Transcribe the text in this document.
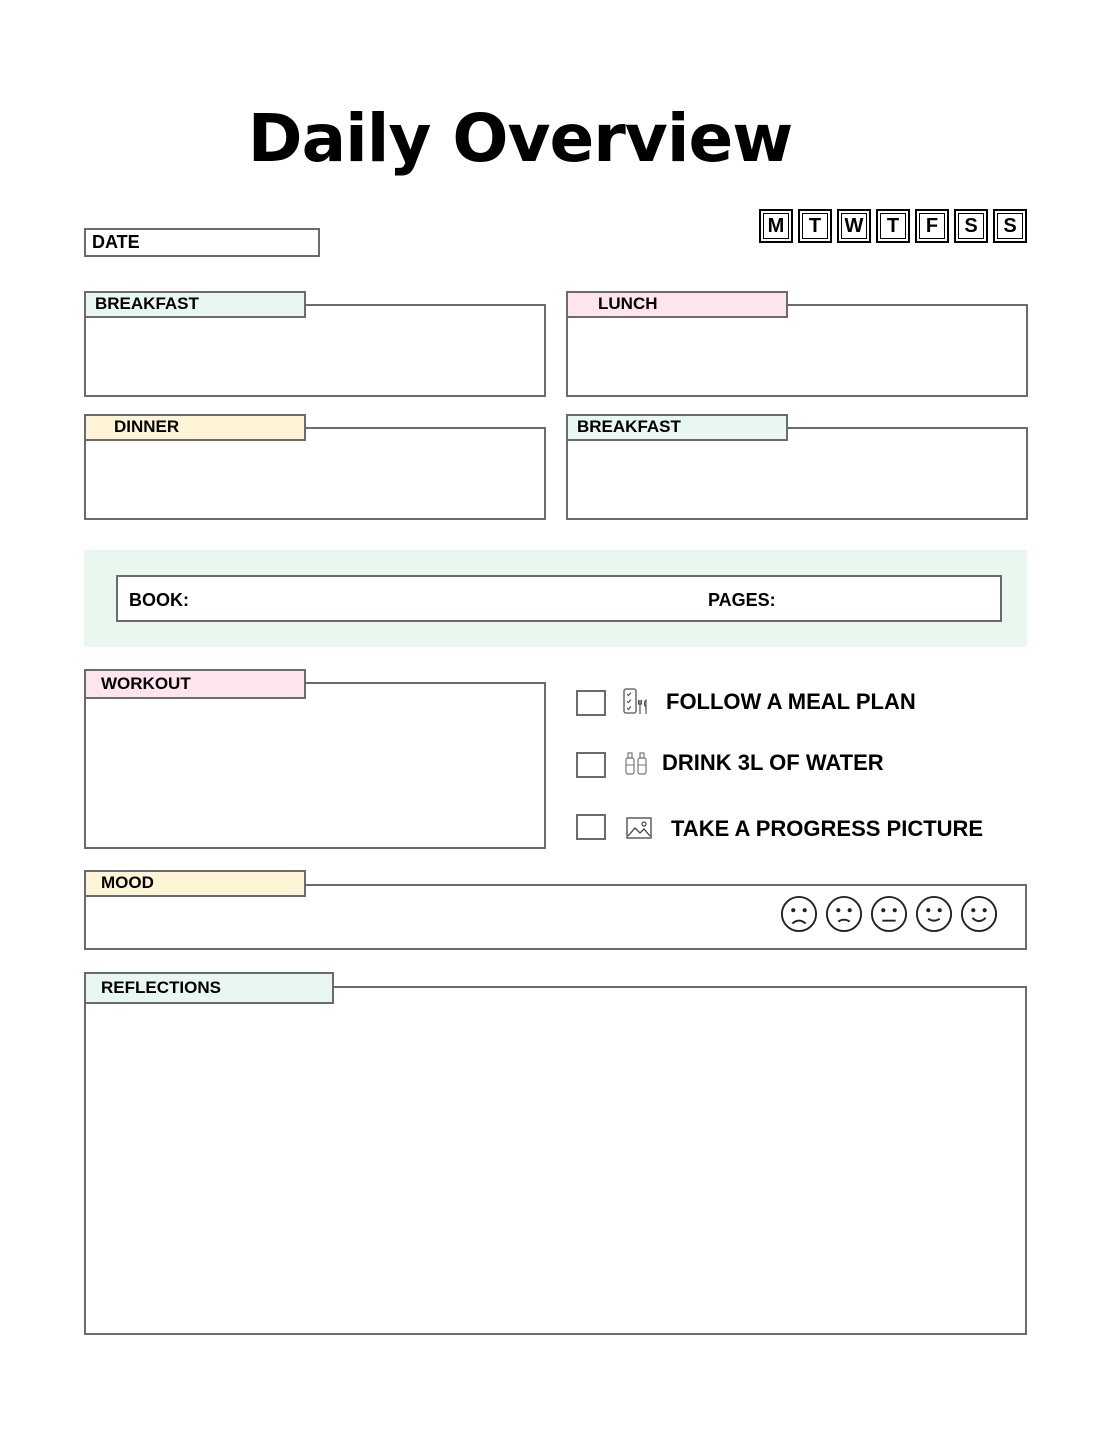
Daily Overview
DATE
M	T	W	T	F	S	S
BREAKFAST	LUNCH
DINNER	BREAKFAST
BOOK:	PAGES:
WORKOUT
FOLLOW A MEAL PLAN
DRINK 3L OF WATER
TAKE A PROGRESS PICTURE
MOOD
REFLECTIONS
